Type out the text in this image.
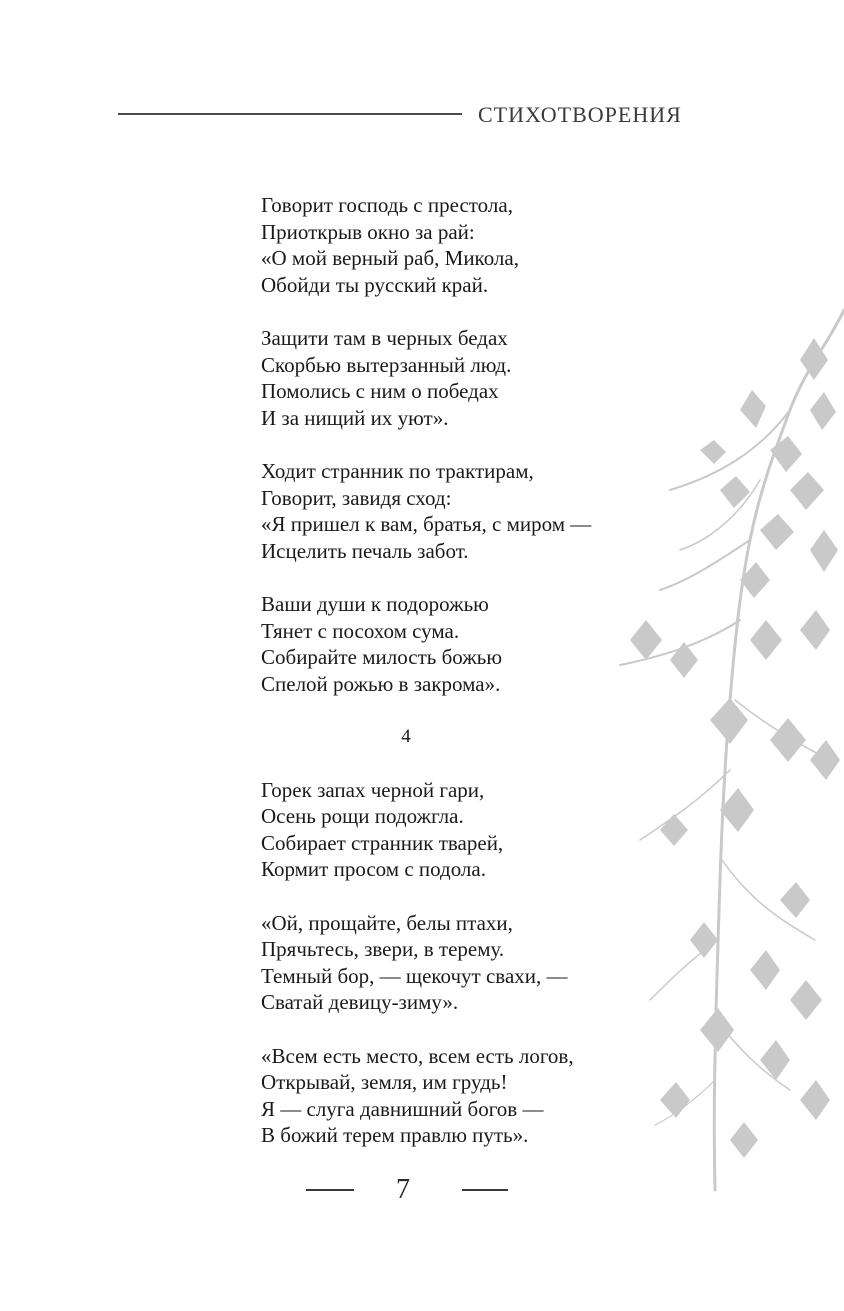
СТИХОТВОРЕНИЯ
Говорит господь с престола,
Приоткрыв окно за рай:
«О мой верный раб, Микола,
Обойди ты русский край.
Защити там в черных бедах
Скорбью вытерзанный люд.
Помолись с ним о победах
И за нищий их уют».
Ходит странник по трактирам,
Говорит, завидя сход:
«Я пришел к вам, братья, с миром —
Исцелить печаль забот.
Ваши души к подорожью
Тянет с посохом сума.
Собирайте милость божью
Спелой рожью в закрома».
4
Горек запах черной гари,
Осень рощи подожгла.
Собирает странник тварей,
Кормит просом с подола.
«Ой, прощайте, белы птахи,
Прячьтесь, звери, в терему.
Темный бор, — щекочут свахи, —
Сватай девицу-зиму».
«Всем есть место, всем есть логов,
Открывай, земля, им грудь!
Я — слуга давнишний богов —
В божий терем правлю путь».
7
